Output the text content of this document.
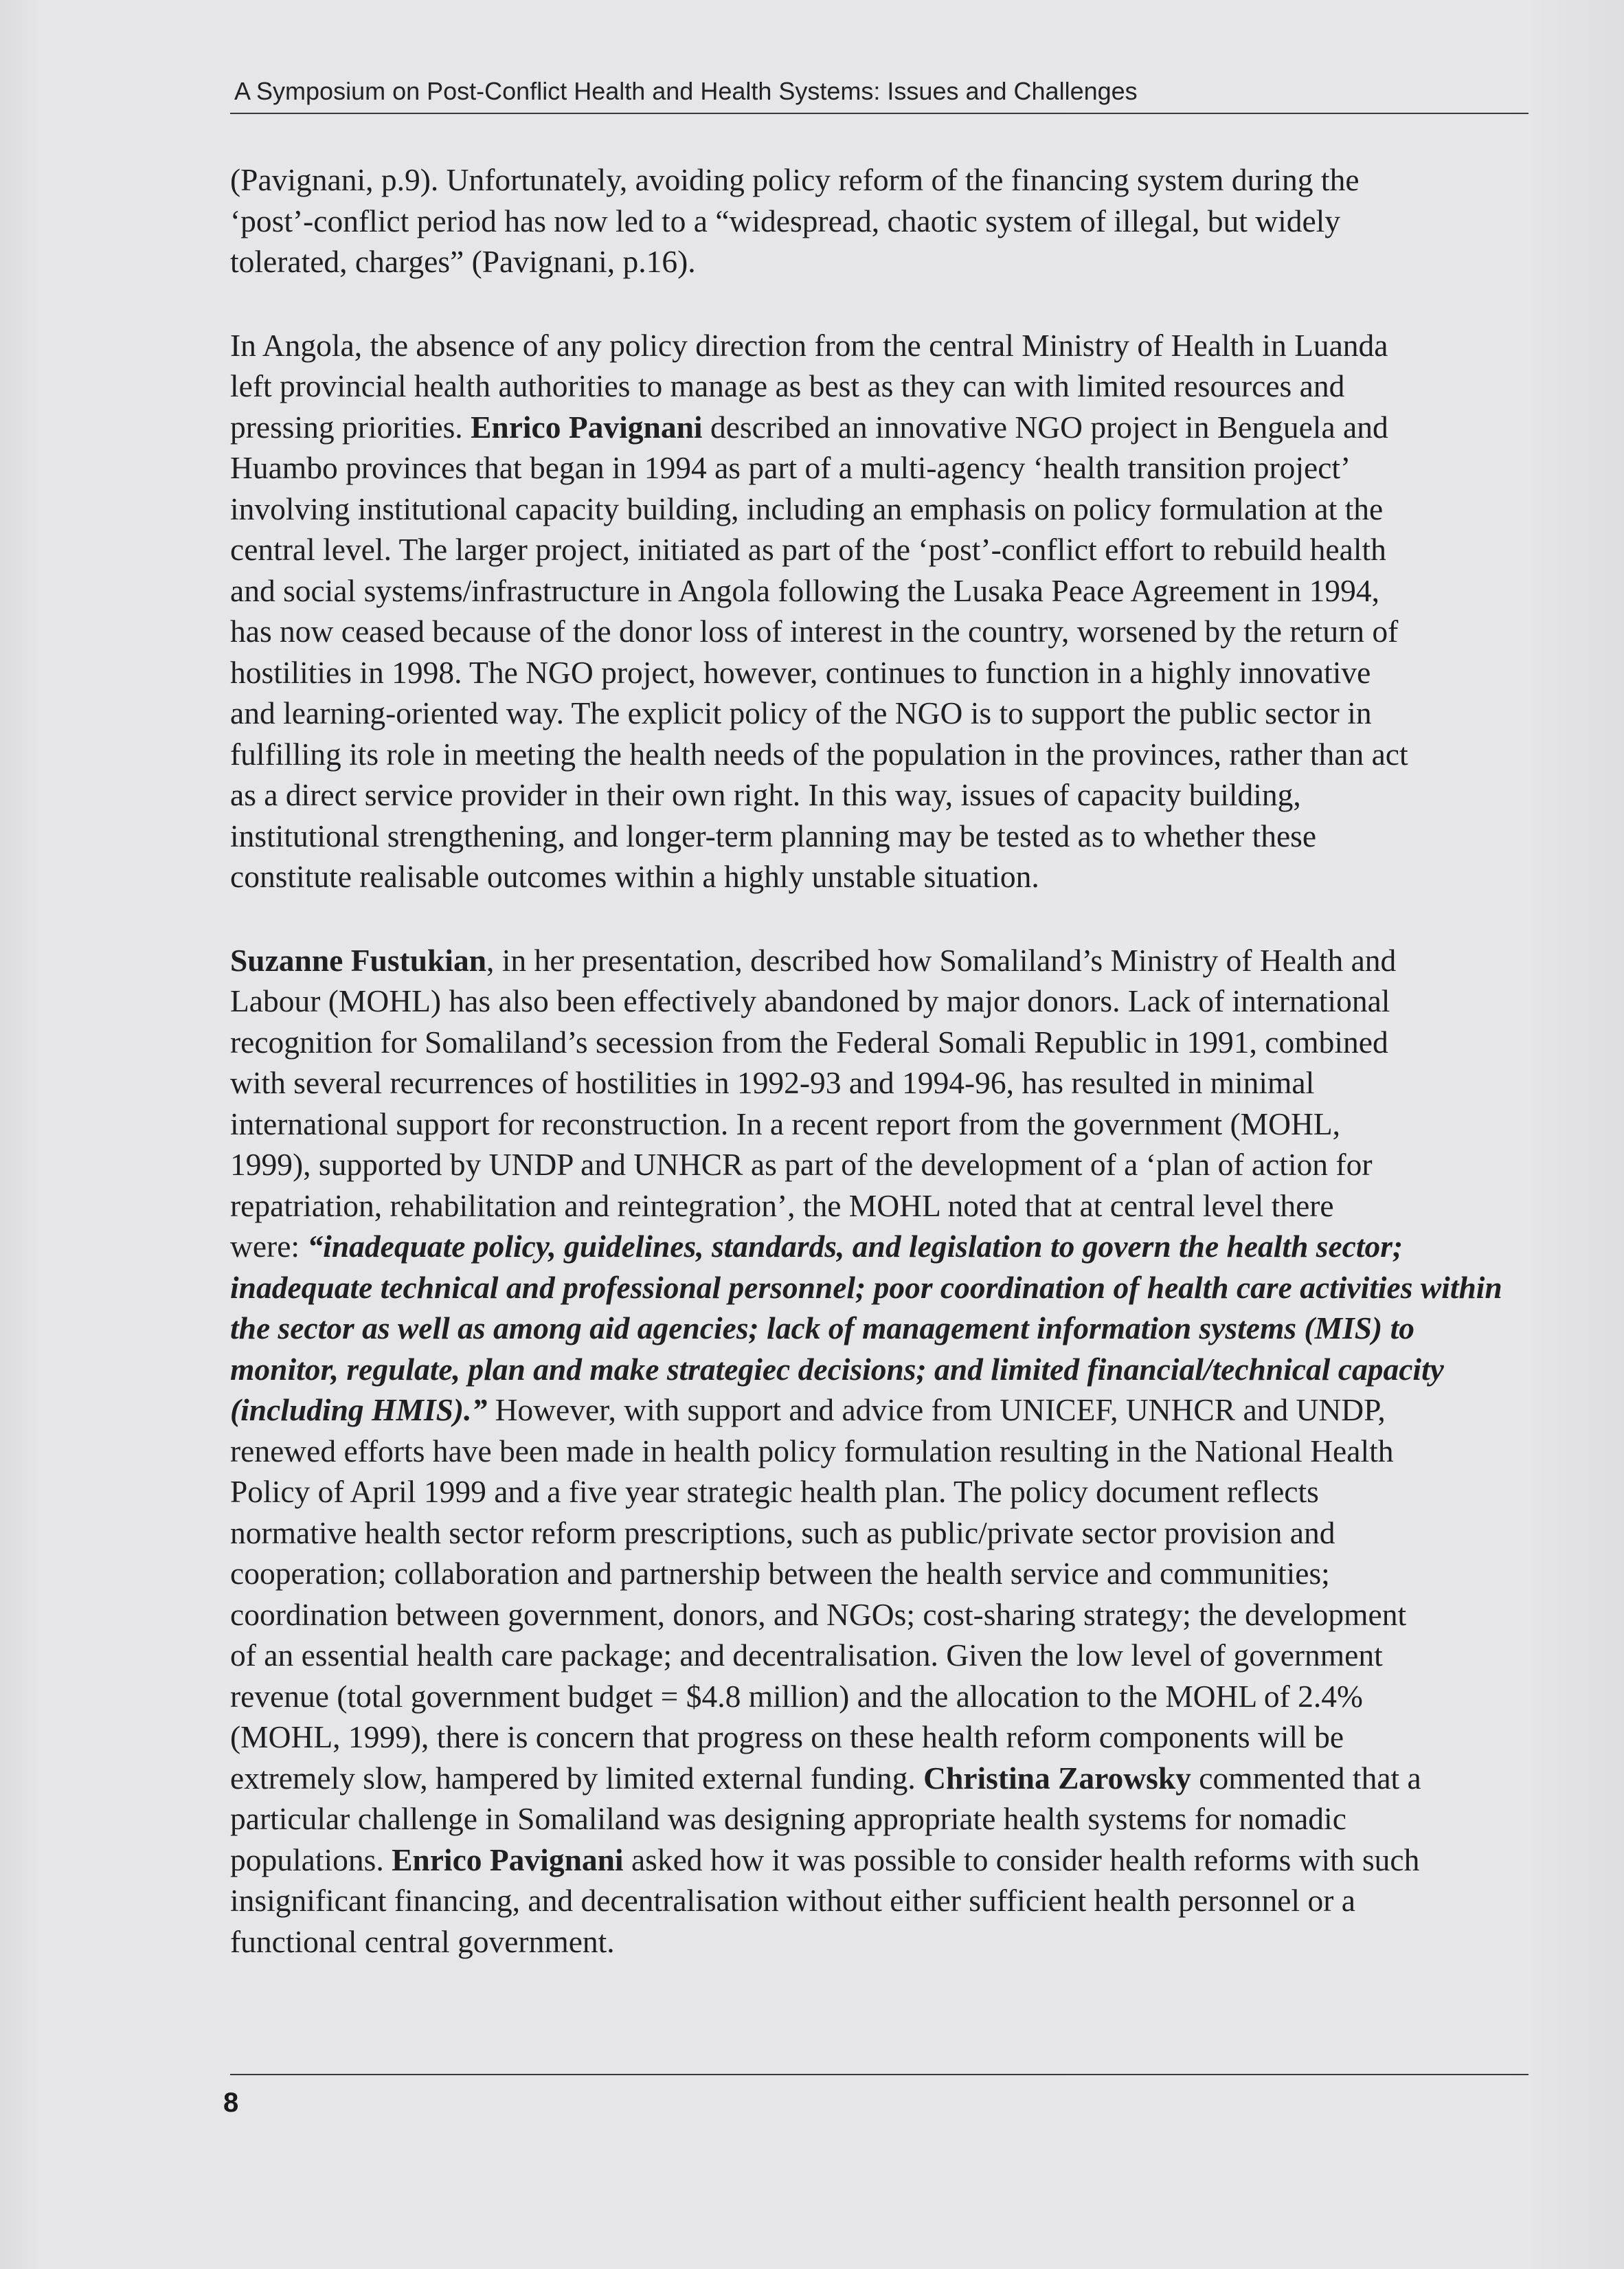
A Symposium on Post-Conflict Health and Health Systems: Issues and Challenges

(Pavignani, p.9). Unfortunately, avoiding policy reform of the financing system during the
‘post’-conflict period has now led to a “widespread, chaotic system of illegal, but widely
tolerated, charges” (Pavignani, p.16).

In Angola, the absence of any policy direction from the central Ministry of Health in Luanda
left provincial health authorities to manage as best as they can with limited resources and
pressing priorities. Enrico Pavignani described an innovative NGO project in Benguela and
Huambo provinces that began in 1994 as part of a multi-agency ‘health transition project’
involving institutional capacity building, including an emphasis on policy formulation at the
central level. The larger project, initiated as part of the ‘post’-conflict effort to rebuild health
and social systems/infrastructure in Angola following the Lusaka Peace Agreement in 1994,
has now ceased because of the donor loss of interest in the country, worsened by the return of
hostilities in 1998. The NGO project, however, continues to function in a highly innovative
and learning-oriented way. The explicit policy of the NGO is to support the public sector in
fulfilling its role in meeting the health needs of the population in the provinces, rather than act
as a direct service provider in their own right. In this way, issues of capacity building,
institutional strengthening, and longer-term planning may be tested as to whether these
constitute realisable outcomes within a highly unstable situation.

Suzanne Fustukian, in her presentation, described how Somaliland’s Ministry of Health and
Labour (MOHL) has also been effectively abandoned by major donors. Lack of international
recognition for Somaliland’s secession from the Federal Somali Republic in 1991, combined
with several recurrences of hostilities in 1992-93 and 1994-96, has resulted in minimal
international support for reconstruction. In a recent report from the government (MOHL,
1999), supported by UNDP and UNHCR as part of the development of a ‘plan of action for
repatriation, rehabilitation and reintegration’, the MOHL noted that at central level there
were: “inadequate policy, guidelines, standards, and legislation to govern the health sector;
inadequate technical and professional personnel; poor coordination of health care activities within
the sector as well as among aid agencies; lack of management information systems (MIS) to
monitor, regulate, plan and make strategiec decisions; and limited financial/technical capacity
(including HMIS).” However, with support and advice from UNICEF, UNHCR and UNDP,
renewed efforts have been made in health policy formulation resulting in the National Health
Policy of April 1999 and a five year strategic health plan. The policy document reflects
normative health sector reform prescriptions, such as public/private sector provision and
cooperation; collaboration and partnership between the health service and communities;
coordination between government, donors, and NGOs; cost-sharing strategy; the development
of an essential health care package; and decentralisation. Given the low level of government
revenue (total government budget = $4.8 million) and the allocation to the MOHL of 2.4%
(MOHL, 1999), there is concern that progress on these health reform components will be
extremely slow, hampered by limited external funding. Christina Zarowsky commented that a
particular challenge in Somaliland was designing appropriate health systems for nomadic
populations. Enrico Pavignani asked how it was possible to consider health reforms with such
insignificant financing, and decentralisation without either sufficient health personnel or a
functional central government.

8
